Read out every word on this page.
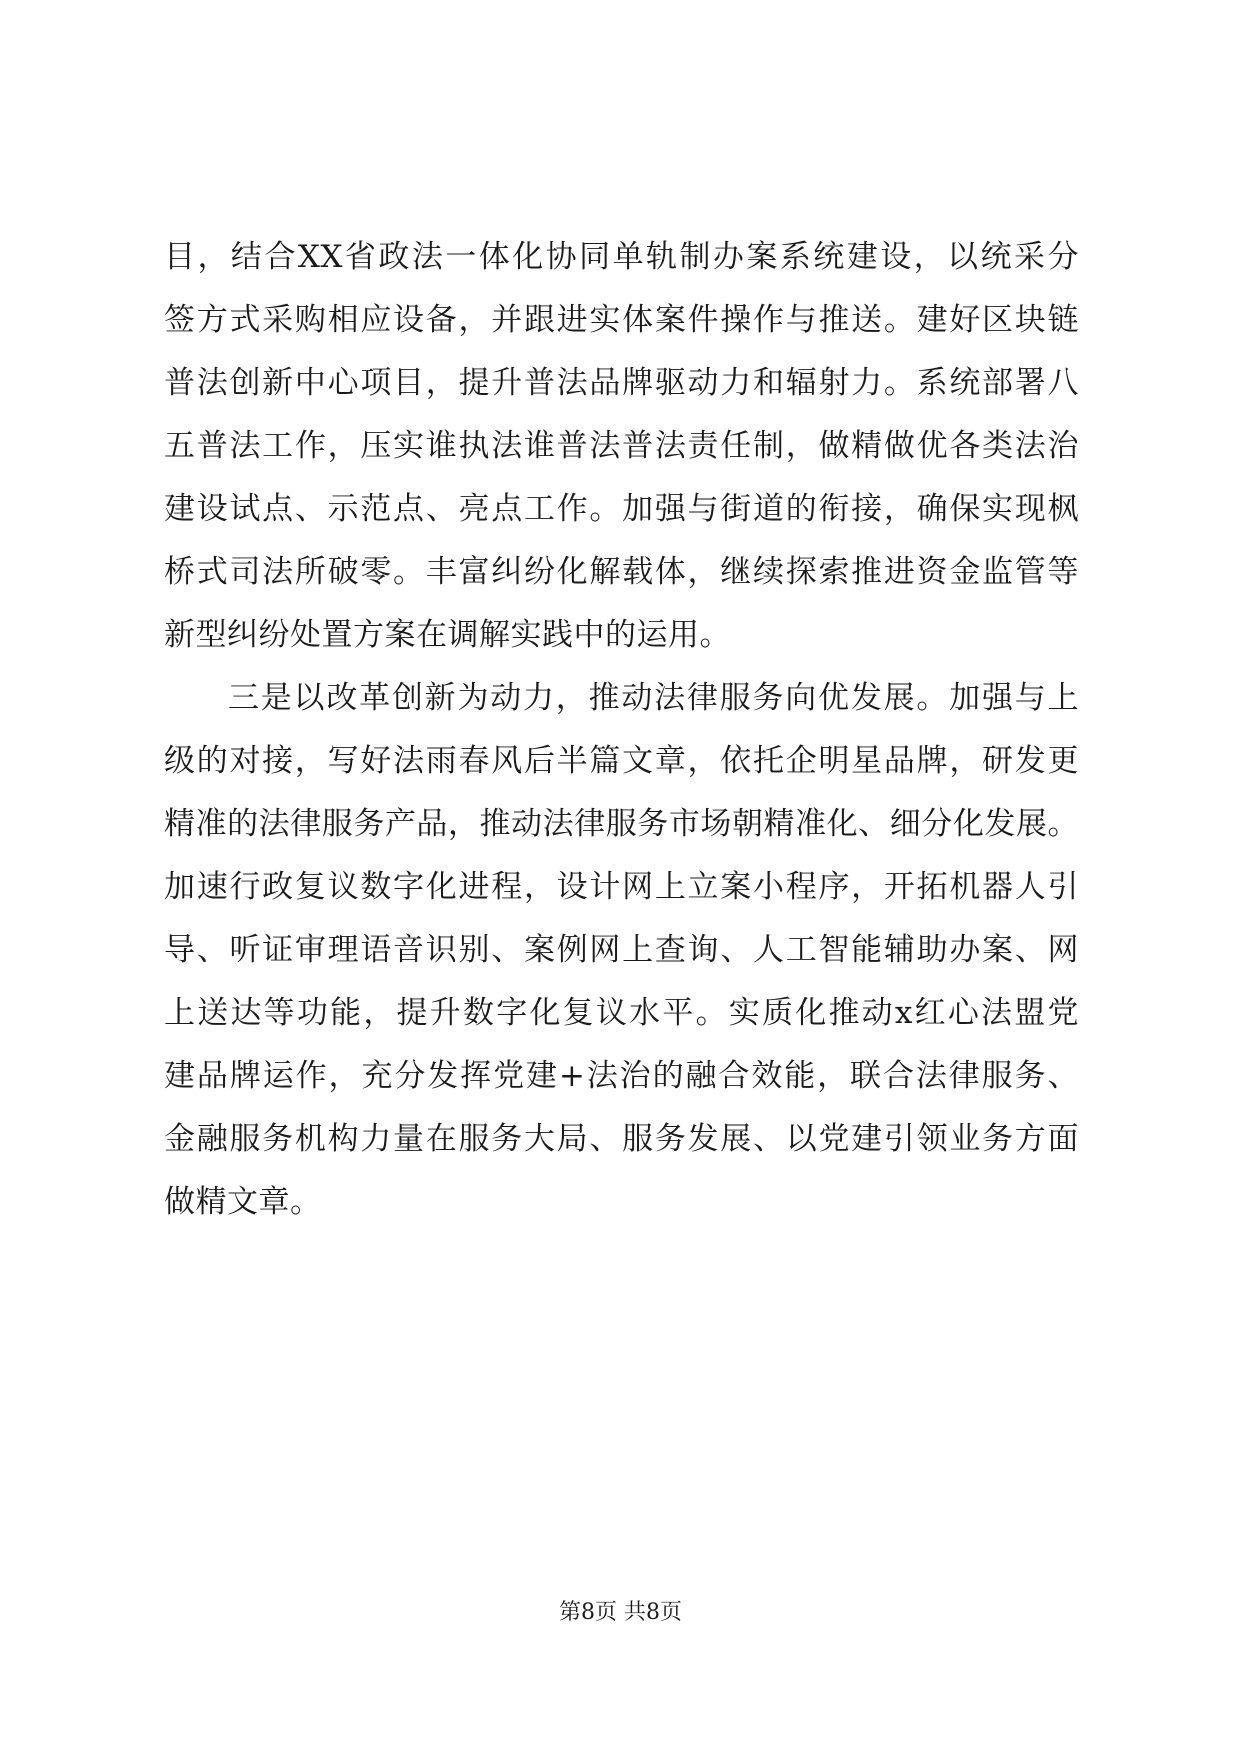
目，结合XX省政法一体化协同单轨制办案系统建设，以统采分
签方式采购相应设备，并跟进实体案件操作与推送。建好区块链
普法创新中心项目，提升普法品牌驱动力和辐射力。系统部署八
五普法工作，压实谁执法谁普法普法责任制，做精做优各类法治
建设试点、示范点、亮点工作。加强与街道的衔接，确保实现枫
桥式司法所破零。丰富纠纷化解载体，继续探索推进资金监管等
新型纠纷处置方案在调解实践中的运用。
三是以改革创新为动力，推动法律服务向优发展。加强与上
级的对接，写好法雨春风后半篇文章，依托企明星品牌，研发更
精准的法律服务产品，推动法律服务市场朝精准化、细分化发展。
加速行政复议数字化进程，设计网上立案小程序，开拓机器人引
导、听证审理语音识别、案例网上查询、人工智能辅助办案、网
上送达等功能，提升数字化复议水平。实质化推动x红心法盟党
建品牌运作，充分发挥党建+法治的融合效能，联合法律服务、
金融服务机构力量在服务大局、服务发展、以党建引领业务方面
做精文章。
第8页 共8页
